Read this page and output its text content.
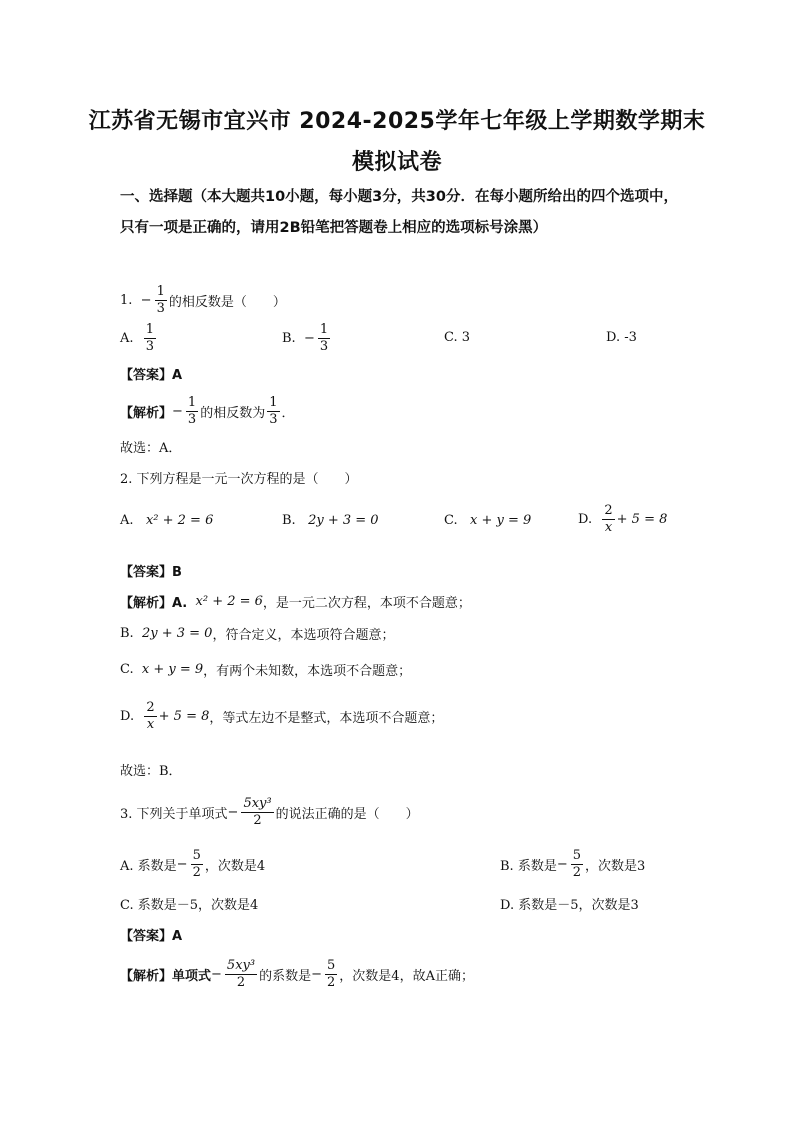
江苏省无锡市宜兴市 2024-2025学年七年级上学期数学期末
模拟试卷
一、选择题（本大题共10小题，每小题3分，共30分．在每小题所给出的四个选项中，只有一项是正确的，请用2B铅笔把答题卷上相应的选项标号涂黑）
1.
− $\frac{1}{3}$ 的相反数是（　　）
A.
$\frac{1}{3}$	B.
− $\frac{1}{3}$	C. 3	D. -3
【答案】A
【解析】 − $\frac{1}{3}$ 的相反数为 $\frac{1}{3}$ ．
故选：A．
2. 下列方程是一元一次方程的是（　　）
A.
x² + 2 = 6	B.
2y + 3 = 0	C.
x + y = 9	D.
$\frac{2}{x} + 5 = 8$
【答案】B
【解析】A.
x² + 2 = 6 ，是一元二次方程，本项不合题意；
B.
2y + 3 = 0 ，符合定义，本选项符合题意；
C.
x + y = 9 ，有两个未知数，本选项不合题意；
D.
$\frac{2}{x} + 5 = 8$ ，等式左边不是整式，本选项不合题意；
故选：B．
3. 下列关于单项式 − $\frac{\text{5xy³}}{2}$ 的说法正确的是（　　）
A. 系数是 − $\frac{5}{2}$ ，次数是4	B. 系数是 − $\frac{5}{2}$ ，次数是3
C. 系数是－5，次数是4	D. 系数是－5，次数是3
【答案】A
【解析】单项式 − $\frac{\text{5xy³}}{2}$ 的系数是 − $\frac{5}{2}$ ，次数是4，故A正确；
